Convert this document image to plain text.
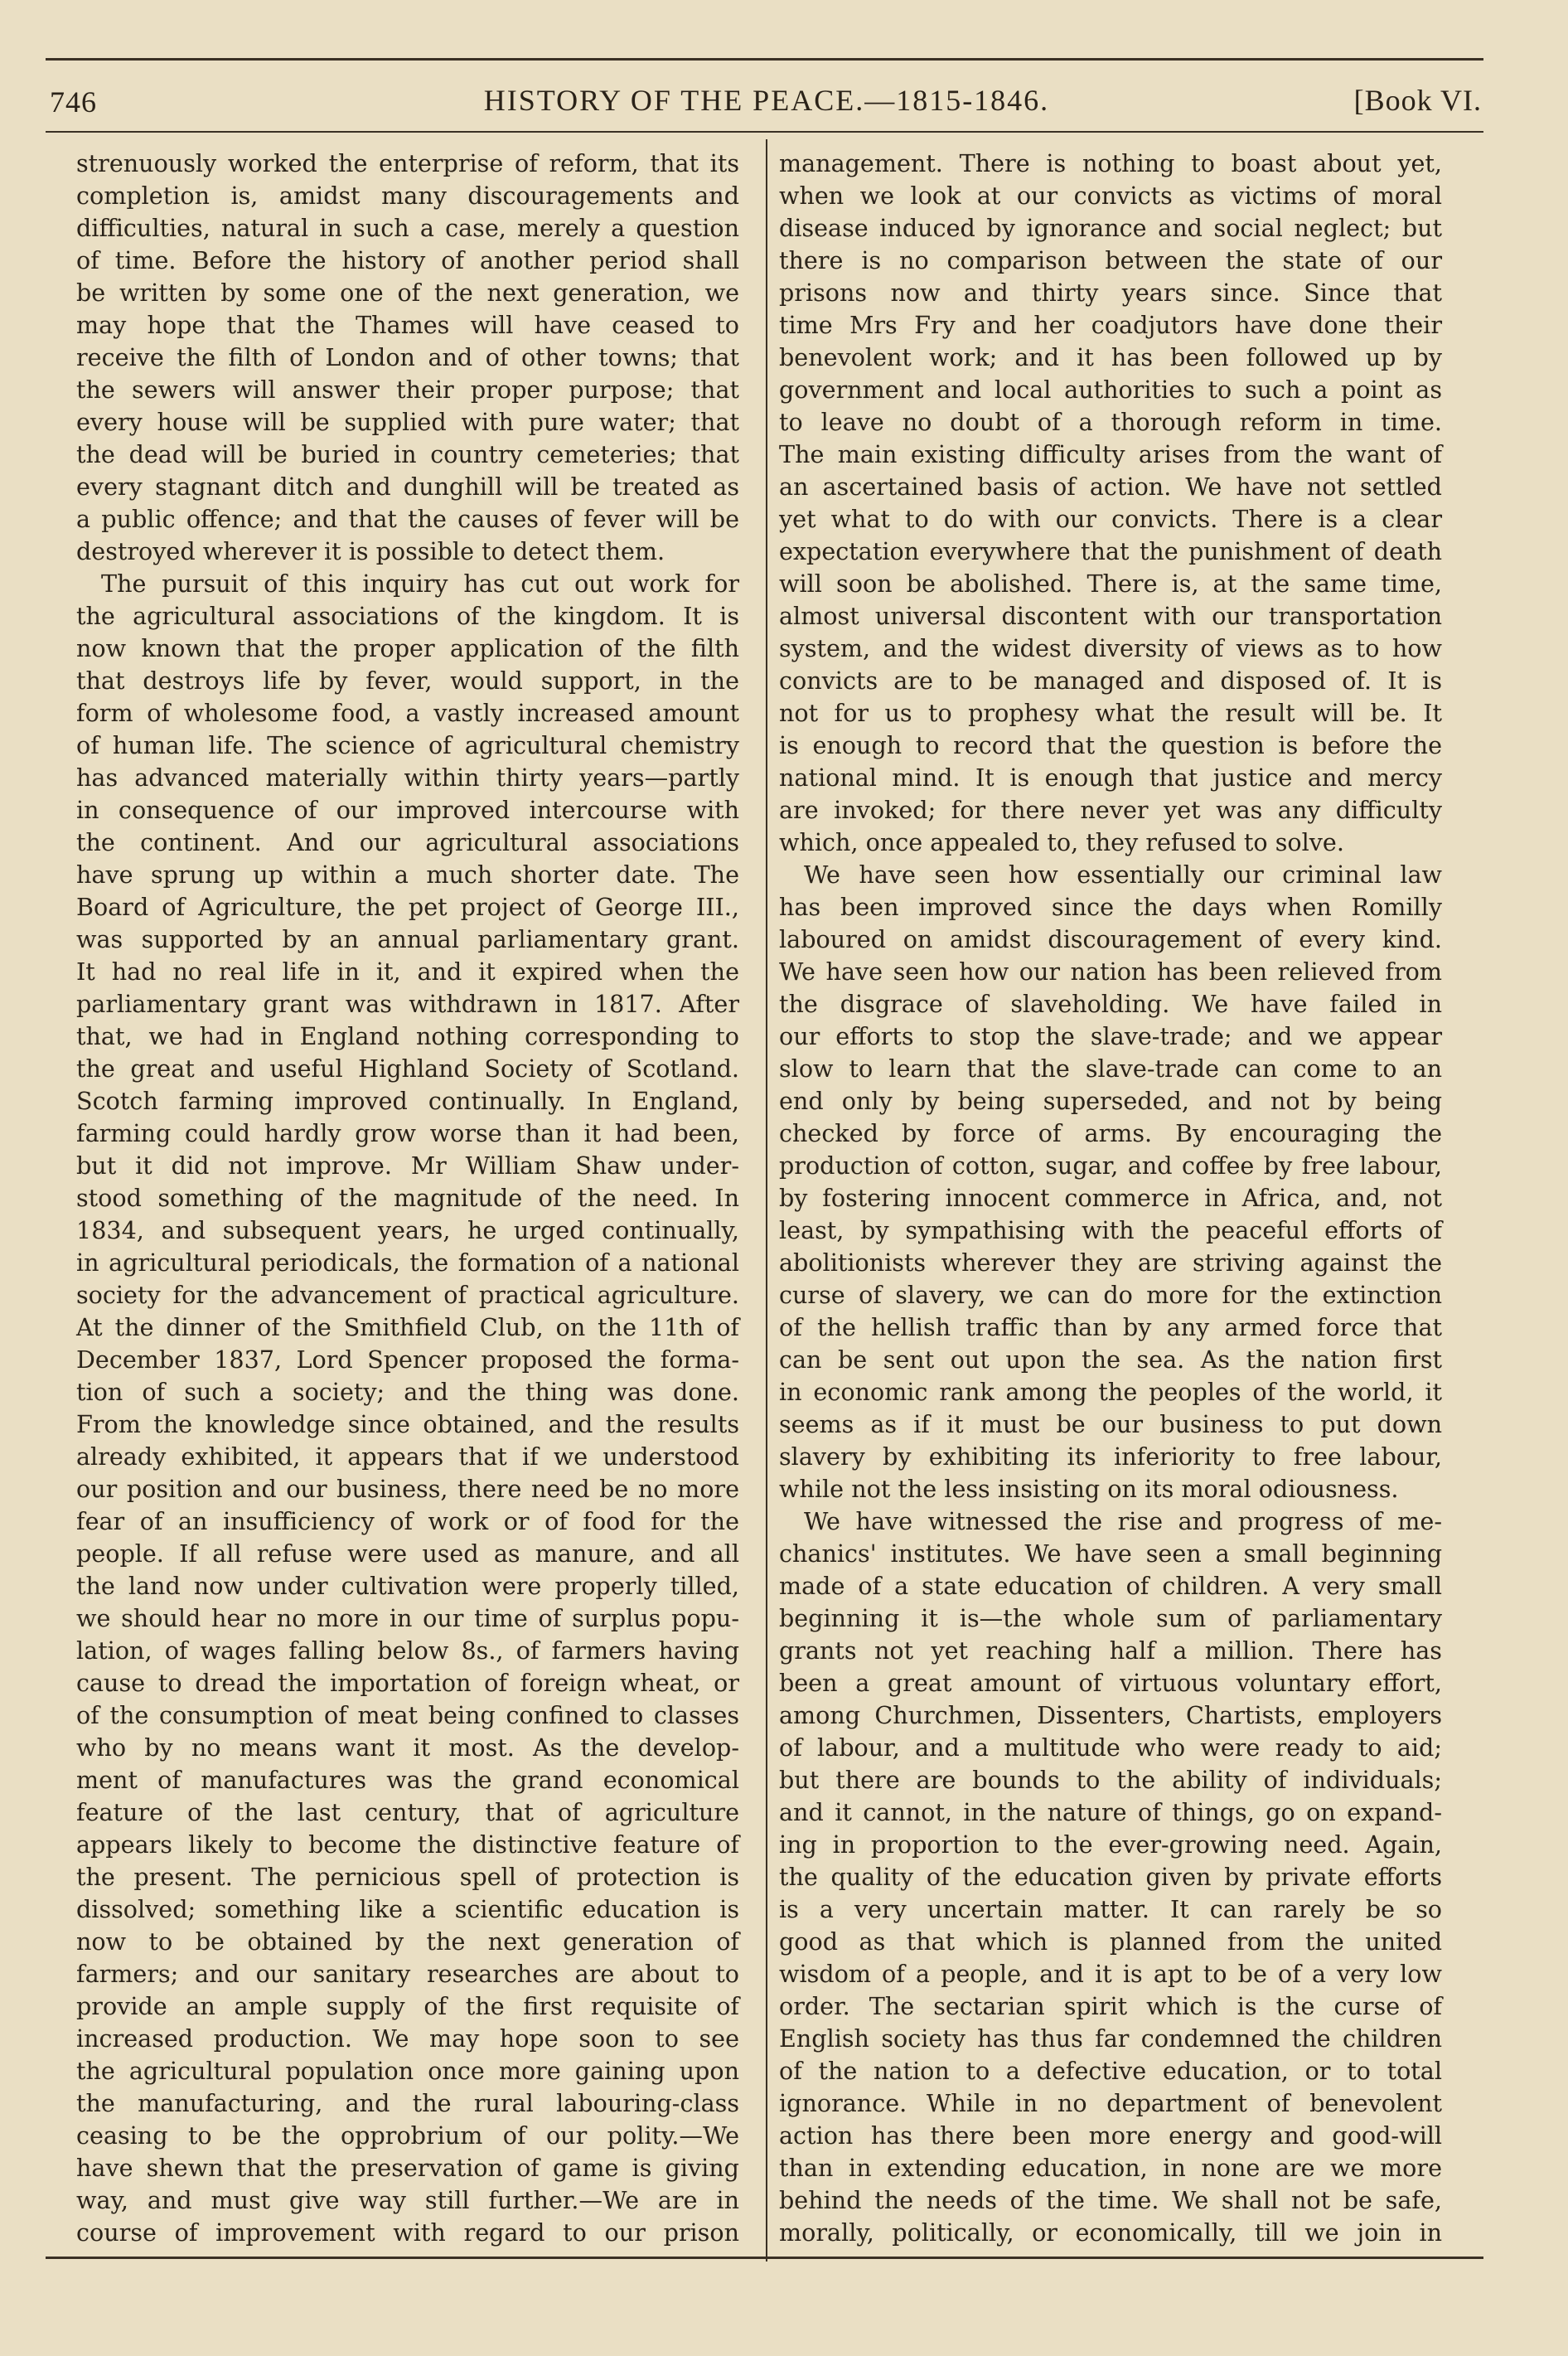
746	HISTORY OF THE PEACE.—1815-1846.	[Book VI.
strenuously worked the enterprise of reform, that its
completion is, amidst many discouragements and
difficulties, natural in such a case, merely a question
of time. Before the history of another period shall
be written by some one of the next generation, we
may hope that the Thames will have ceased to
receive the filth of London and of other towns; that
the sewers will answer their proper purpose; that
every house will be supplied with pure water; that
the dead will be buried in country cemeteries; that
every stagnant ditch and dunghill will be treated as
a public offence; and that the causes of fever will be
destroyed wherever it is possible to detect them.
The pursuit of this inquiry has cut out work for
the agricultural associations of the kingdom. It is
now known that the proper application of the filth
that destroys life by fever, would support, in the
form of wholesome food, a vastly increased amount
of human life. The science of agricultural chemistry
has advanced materially within thirty years—partly
in consequence of our improved intercourse with
the continent. And our agricultural associations
have sprung up within a much shorter date. The
Board of Agriculture, the pet project of George III.,
was supported by an annual parliamentary grant.
It had no real life in it, and it expired when the
parliamentary grant was withdrawn in 1817. After
that, we had in England nothing corresponding to
the great and useful Highland Society of Scotland.
Scotch farming improved continually. In England,
farming could hardly grow worse than it had been,
but it did not improve. Mr William Shaw under-
stood something of the magnitude of the need. In
1834, and subsequent years, he urged continually,
in agricultural periodicals, the formation of a national
society for the advancement of practical agriculture.
At the dinner of the Smithfield Club, on the 11th of
December 1837, Lord Spencer proposed the forma-
tion of such a society; and the thing was done.
From the knowledge since obtained, and the results
already exhibited, it appears that if we understood
our position and our business, there need be no more
fear of an insufficiency of work or of food for the
people. If all refuse were used as manure, and all
the land now under cultivation were properly tilled,
we should hear no more in our time of surplus popu-
lation, of wages falling below 8s., of farmers having
cause to dread the importation of foreign wheat, or
of the consumption of meat being confined to classes
who by no means want it most. As the develop-
ment of manufactures was the grand economical
feature of the last century, that of agriculture
appears likely to become the distinctive feature of
the present. The pernicious spell of protection is
dissolved; something like a scientific education is
now to be obtained by the next generation of
farmers; and our sanitary researches are about to
provide an ample supply of the first requisite of
increased production. We may hope soon to see
the agricultural population once more gaining upon
the manufacturing, and the rural labouring-class
ceasing to be the opprobrium of our polity.—We
have shewn that the preservation of game is giving
way, and must give way still further.—We are in
course of improvement with regard to our prison
management. There is nothing to boast about yet,
when we look at our convicts as victims of moral
disease induced by ignorance and social neglect; but
there is no comparison between the state of our
prisons now and thirty years since. Since that
time Mrs Fry and her coadjutors have done their
benevolent work; and it has been followed up by
government and local authorities to such a point as
to leave no doubt of a thorough reform in time.
The main existing difficulty arises from the want of
an ascertained basis of action. We have not settled
yet what to do with our convicts. There is a clear
expectation everywhere that the punishment of death
will soon be abolished. There is, at the same time,
almost universal discontent with our transportation
system, and the widest diversity of views as to how
convicts are to be managed and disposed of. It is
not for us to prophesy what the result will be. It
is enough to record that the question is before the
national mind. It is enough that justice and mercy
are invoked; for there never yet was any difficulty
which, once appealed to, they refused to solve.
We have seen how essentially our criminal law
has been improved since the days when Romilly
laboured on amidst discouragement of every kind.
We have seen how our nation has been relieved from
the disgrace of slaveholding. We have failed in
our efforts to stop the slave-trade; and we appear
slow to learn that the slave-trade can come to an
end only by being superseded, and not by being
checked by force of arms. By encouraging the
production of cotton, sugar, and coffee by free labour,
by fostering innocent commerce in Africa, and, not
least, by sympathising with the peaceful efforts of
abolitionists wherever they are striving against the
curse of slavery, we can do more for the extinction
of the hellish traffic than by any armed force that
can be sent out upon the sea. As the nation first
in economic rank among the peoples of the world, it
seems as if it must be our business to put down
slavery by exhibiting its inferiority to free labour,
while not the less insisting on its moral odiousness.
We have witnessed the rise and progress of me-
chanics' institutes. We have seen a small beginning
made of a state education of children. A very small
beginning it is—the whole sum of parliamentary
grants not yet reaching half a million. There has
been a great amount of virtuous voluntary effort,
among Churchmen, Dissenters, Chartists, employers
of labour, and a multitude who were ready to aid;
but there are bounds to the ability of individuals;
and it cannot, in the nature of things, go on expand-
ing in proportion to the ever-growing need. Again,
the quality of the education given by private efforts
is a very uncertain matter. It can rarely be so
good as that which is planned from the united
wisdom of a people, and it is apt to be of a very low
order. The sectarian spirit which is the curse of
English society has thus far condemned the children
of the nation to a defective education, or to total
ignorance. While in no department of benevolent
action has there been more energy and good-will
than in extending education, in none are we more
behind the needs of the time. We shall not be safe,
morally, politically, or economically, till we join in
